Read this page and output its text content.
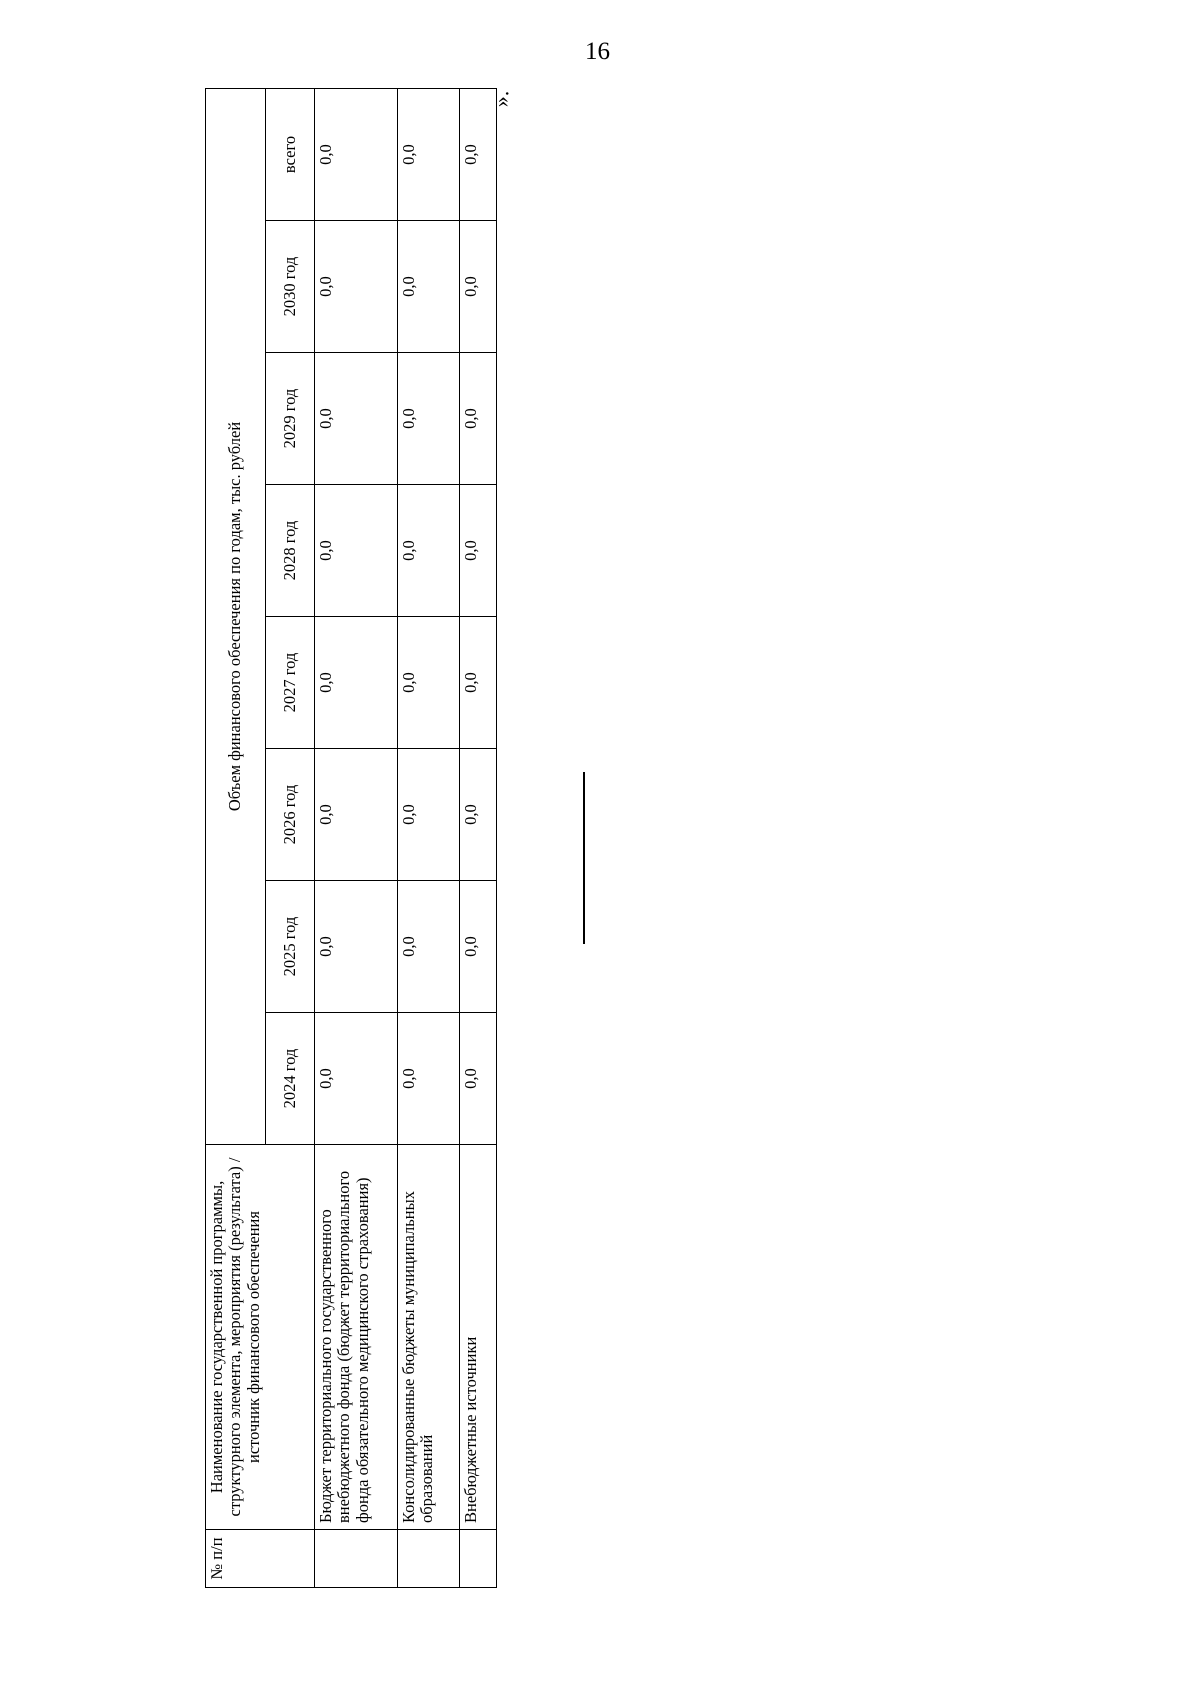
16
№ п/п	Наименование государственной программы, структурного элемента, мероприятия (результата) / источник финансового обеспечения	Объем финансового обеспечения по годам, тыс. рублей							
		2024 год	2025 год	2026 год	2027 год	2028 год	2029 год	2030 год	всего
	Бюджет территориального государственного внебюджетного фонда (бюджет территориального фонда обязательного медицинского страхования)	0,0	0,0	0,0	0,0	0,0	0,0	0,0	0,0
	Консолидированные бюджеты муниципальных образований	0,0	0,0	0,0	0,0	0,0	0,0	0,0	0,0
	Внебюджетные источники	0,0	0,0	0,0	0,0	0,0	0,0	0,0	0,0
».
